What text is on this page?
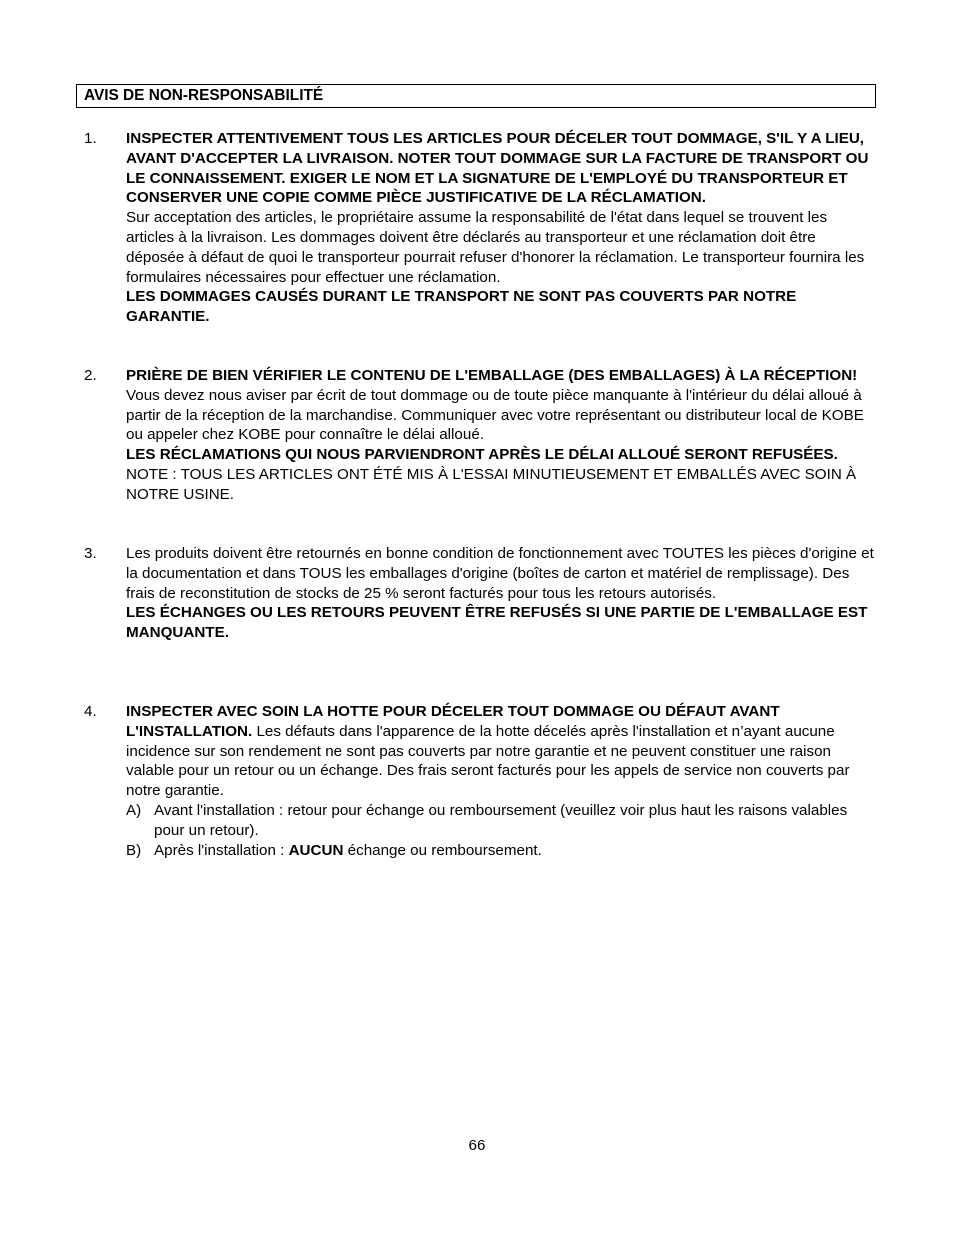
AVIS DE NON-RESPONSABILITÉ
1.	INSPECTER ATTENTIVEMENT TOUS LES ARTICLES POUR DÉCELER TOUT DOMMAGE, S'IL Y A LIEU, AVANT D'ACCEPTER LA LIVRAISON. NOTER TOUT DOMMAGE SUR LA FACTURE DE TRANSPORT OU LE CONNAISSEMENT. EXIGER LE NOM ET LA SIGNATURE DE L'EMPLOYÉ DU TRANSPORTEUR ET CONSERVER UNE COPIE COMME PIÈCE JUSTIFICATIVE DE LA RÉCLAMATION.

Sur acceptation des articles, le propriétaire assume la responsabilité de l'état dans lequel se trouvent les articles à la livraison. Les dommages doivent être déclarés au transporteur et une réclamation doit être déposée à défaut de quoi le transporteur pourrait refuser d'honorer la réclamation. Le transporteur fournira les formulaires nécessaires pour effectuer une réclamation.

LES DOMMAGES CAUSÉS DURANT LE TRANSPORT NE SONT PAS COUVERTS PAR NOTRE GARANTIE.

2.	PRIÈRE DE BIEN VÉRIFIER LE CONTENU DE L'EMBALLAGE (DES EMBALLAGES) À LA RÉCEPTION! Vous devez nous aviser par écrit de tout dommage ou de toute pièce manquante à l'intérieur du délai alloué à partir de la réception de la marchandise. Communiquer avec votre représentant ou distributeur local de KOBE ou appeler chez KOBE pour connaître le délai alloué.

LES RÉCLAMATIONS QUI NOUS PARVIENDRONT APRÈS LE DÉLAI ALLOUÉ SERONT REFUSÉES.

NOTE : TOUS LES ARTICLES ONT ÉTÉ MIS À L'ESSAI MINUTIEUSEMENT ET EMBALLÉS AVEC SOIN À NOTRE USINE.

3.	Les produits doivent être retournés en bonne condition de fonctionnement avec TOUTES les pièces d'origine et la documentation et dans TOUS les emballages d'origine (boîtes de carton et matériel de remplissage). Des frais de reconstitution de stocks de 25 % seront facturés pour tous les retours autorisés.

LES ÉCHANGES OU LES RETOURS PEUVENT ÊTRE REFUSÉS SI UNE PARTIE DE L'EMBALLAGE EST MANQUANTE.

4.	INSPECTER AVEC SOIN LA HOTTE POUR DÉCELER TOUT DOMMAGE OU DÉFAUT AVANT L'INSTALLATION. Les défauts dans l'apparence de la hotte décelés après l'installation et n’ayant aucune incidence sur son rendement ne sont pas couverts par notre garantie et ne peuvent constituer une raison valable pour un retour ou un échange. Des frais seront facturés pour les appels de service non couverts par notre garantie.

A) Avant l'installation : retour pour échange ou remboursement (veuillez voir plus haut les raisons valables pour un retour).
B) Après l'installation : AUCUN échange ou remboursement.
66
